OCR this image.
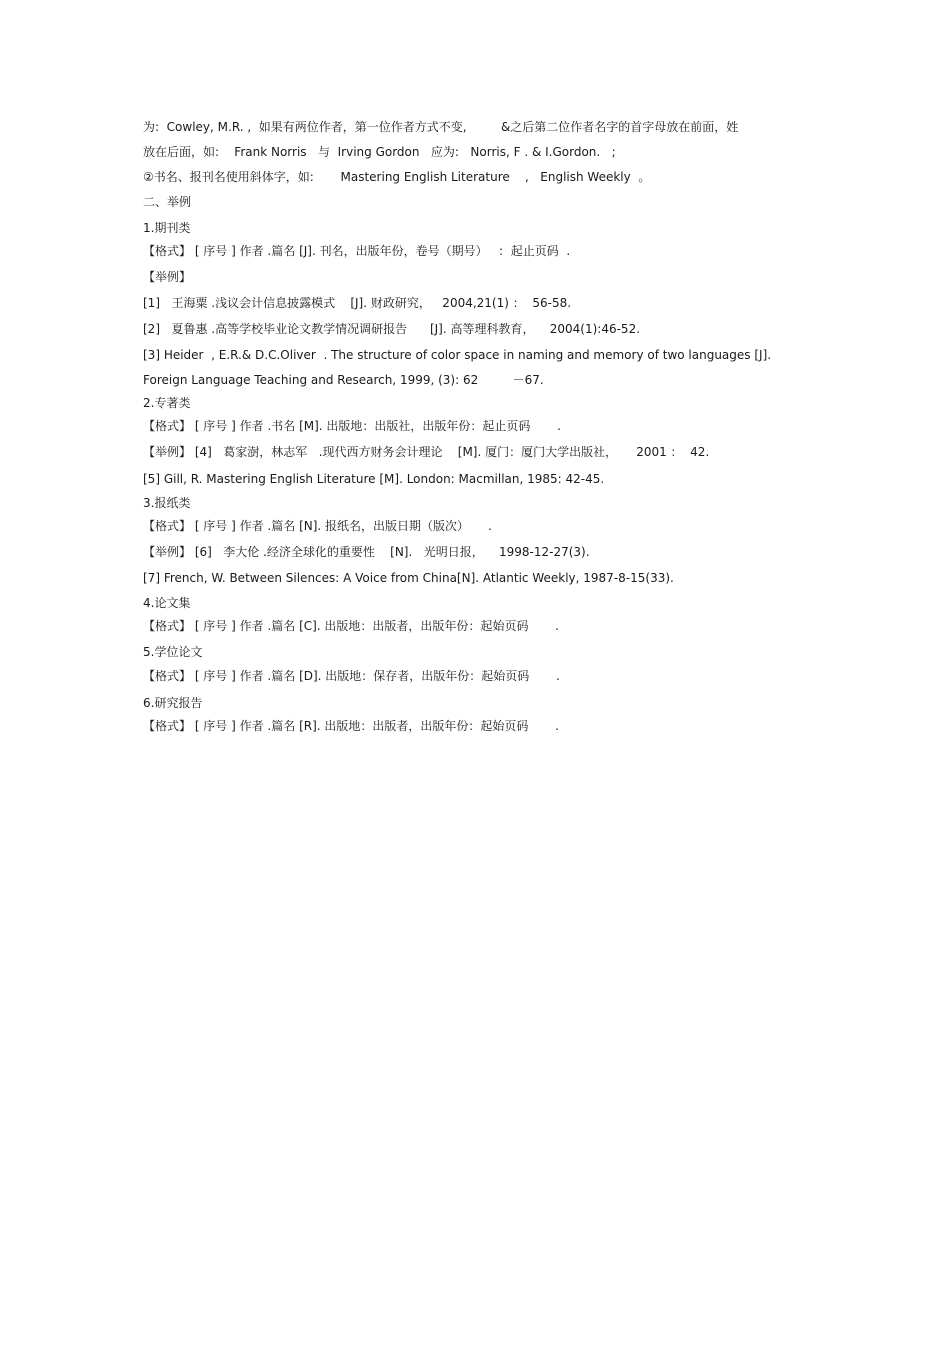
为:  Cowley, M.R. ,  如果有两位作者，第一位作者方式不变,         &之后第二位作者名字的首字母放在前面，姓
放在后面，如:    Frank Norris   与  Irving Gordon   应为:   Norris, F . & I.Gordon.   ;
②书名、报刊名使用斜体字，如:       Mastering English Literature    ,   English Weekly  。
二、举例
1.期刊类
【格式】 [ 序号 ] 作者 .篇名 [J]. 刊名，出版年份，卷号（期号）   :  起止页码  .
【举例】
[1]   王海粟 .浅议会计信息披露模式    [J]. 财政研究，   2004,21(1) ：  56-58.
[2]   夏鲁惠 .高等学校毕业论文教学情况调研报告      [J]. 高等理科教育，    2004(1):46-52.
[3] Heider  , E.R.& D.C.Oliver  . The structure of color space in naming and memory of two languages [J].
Foreign Language Teaching and Research, 1999, (3): 62         －67.
2.专著类
【格式】 [ 序号 ] 作者 .书名 [M]. 出版地：出版社，出版年份：起止页码       .
【举例】 [4]   葛家澍，林志军   .现代西方财务会计理论    [M]. 厦门：厦门大学出版社，     2001 ：  42.
[5] Gill, R. Mastering English Literature [M]. London: Macmillan, 1985: 42-45.
3.报纸类
【格式】 [ 序号 ] 作者 .篇名 [N]. 报纸名，出版日期（版次）     .
【举例】 [6]   李大伦 .经济全球化的重要性    [N].   光明日报，    1998-12-27(3).
[7] French, W. Between Silences: A Voice from China[N]. Atlantic Weekly, 1987-8-15(33).
4.论文集
【格式】 [ 序号 ] 作者 .篇名 [C]. 出版地：出版者，出版年份：起始页码       .
5.学位论文
【格式】 [ 序号 ] 作者 .篇名 [D]. 出版地：保存者，出版年份：起始页码       .
6.研究报告
【格式】 [ 序号 ] 作者 .篇名 [R]. 出版地：出版者，出版年份：起始页码       .
